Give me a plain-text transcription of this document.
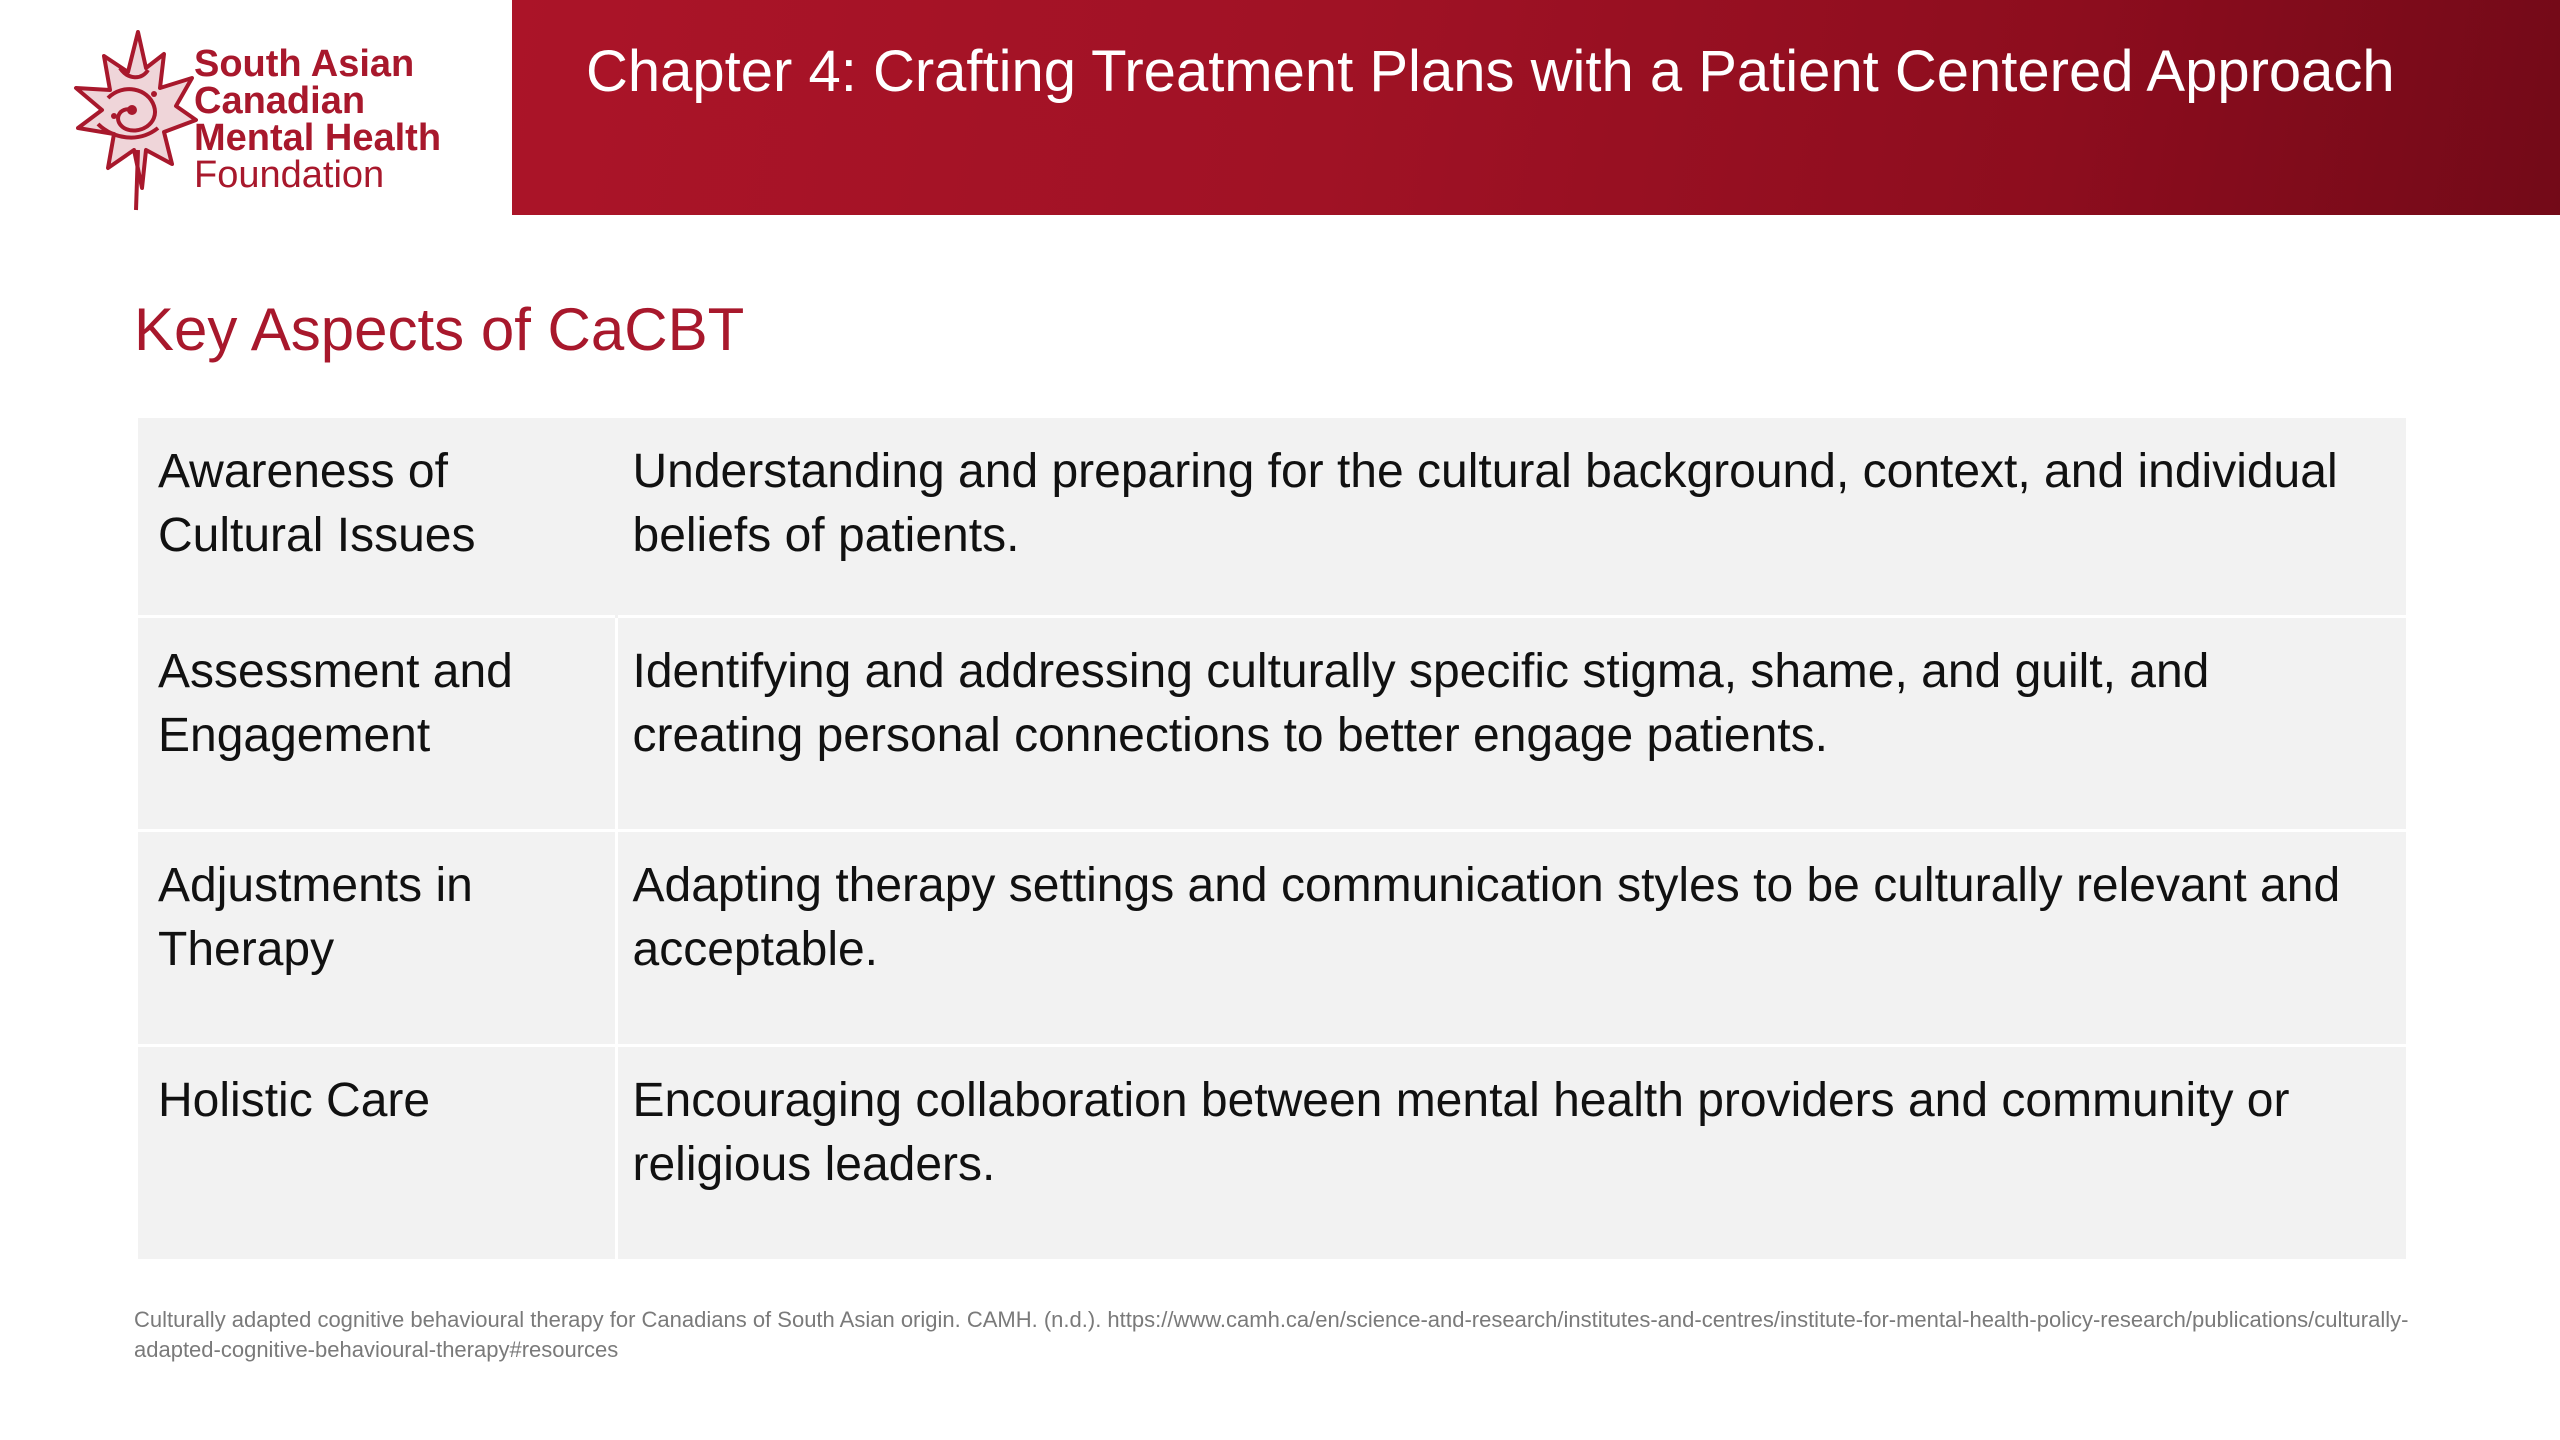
Chapter 4: Crafting Treatment Plans with a Patient Centered Approach
South Asian
Canadian
Mental Health
Foundation
Key Aspects of CaCBT
Awareness of Cultural Issues	Understanding and preparing for the cultural background, context, and individual beliefs of patients.
Assessment and Engagement	Identifying and addressing culturally specific stigma, shame, and guilt, and creating personal connections to better engage patients.
Adjustments in Therapy	Adapting therapy settings and communication styles to be culturally relevant and acceptable.
Holistic Care	Encouraging collaboration between mental health providers and community or religious leaders.

Culturally adapted cognitive behavioural therapy for Canadians of South Asian origin. CAMH. (n.d.). https://www.camh.ca/en/science-and-research/institutes-and-centres/institute-for-mental-health-policy-research/publications/culturally-adapted-cognitive-behavioural-therapy#resources
